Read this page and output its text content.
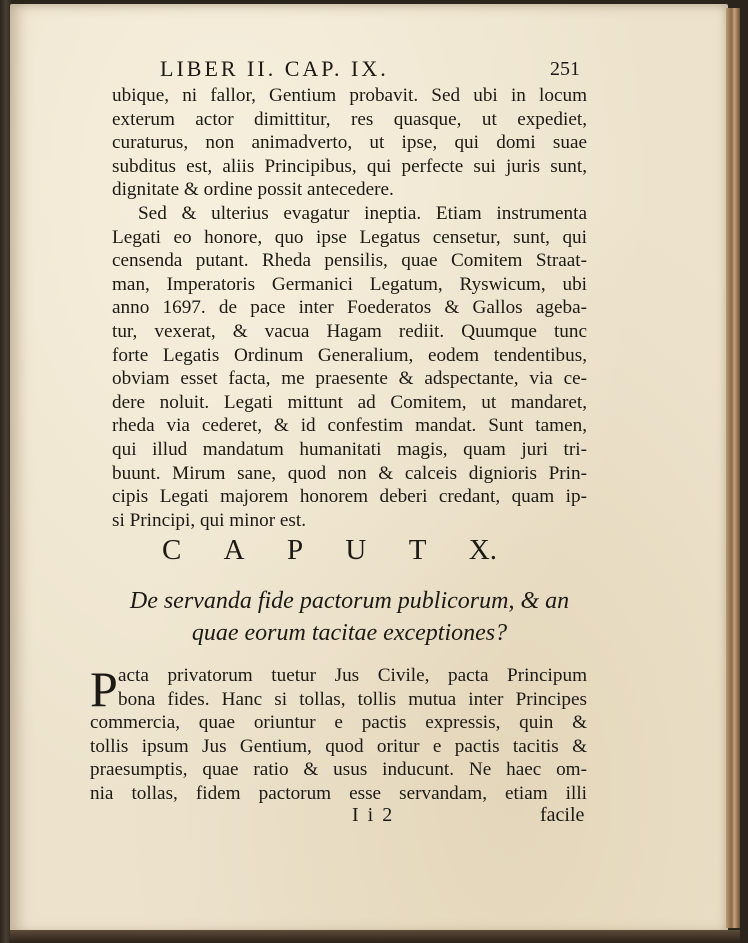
LIBER II. CAP. IX.	251
ubique, ni fallor, Gentium probavit. Sed ubi in locum
exterum actor dimittitur, res quasque, ut expediet,
curaturus, non animadverto, ut ipse, qui domi suae
subditus est, aliis Principibus, qui perfecte sui juris sunt,
dignitate & ordine possit antecedere.
Sed & ulterius evagatur ineptia. Etiam instrumenta
Legati eo honore, quo ipse Legatus censetur, sunt, qui
censenda putant. Rheda pensilis, quae Comitem Straat-
man, Imperatoris Germanici Legatum, Ryswicum, ubi
anno 1697. de pace inter Foederatos & Gallos ageba-
tur, vexerat, & vacua Hagam rediit. Quumque tunc
forte Legatis Ordinum Generalium, eodem tendentibus,
obviam esset facta, me praesente & adspectante, via ce-
dere noluit. Legati mittunt ad Comitem, ut mandaret,
rheda via cederet, & id confestim mandat. Sunt tamen,
qui illud mandatum humanitati magis, quam juri tri-
buunt. Mirum sane, quod non & calceis dignioris Prin-
cipis Legati majorem honorem deberi credant, quam ip-
si Principi, qui minor est.
C A P U T X.
De servanda fide pactorum publicorum, & an
quae eorum tacitae exceptiones?
P acta privatorum tuetur Jus Civile, pacta Principum
bona fides. Hanc si tollas, tollis mutua inter Principes
commercia, quae oriuntur e pactis expressis, quin &
tollis ipsum Jus Gentium, quod oritur e pactis tacitis &
praesumptis, quae ratio & usus inducunt. Ne haec om-
nia tollas, fidem pactorum esse servandam, etiam illi
I i 2	facile
